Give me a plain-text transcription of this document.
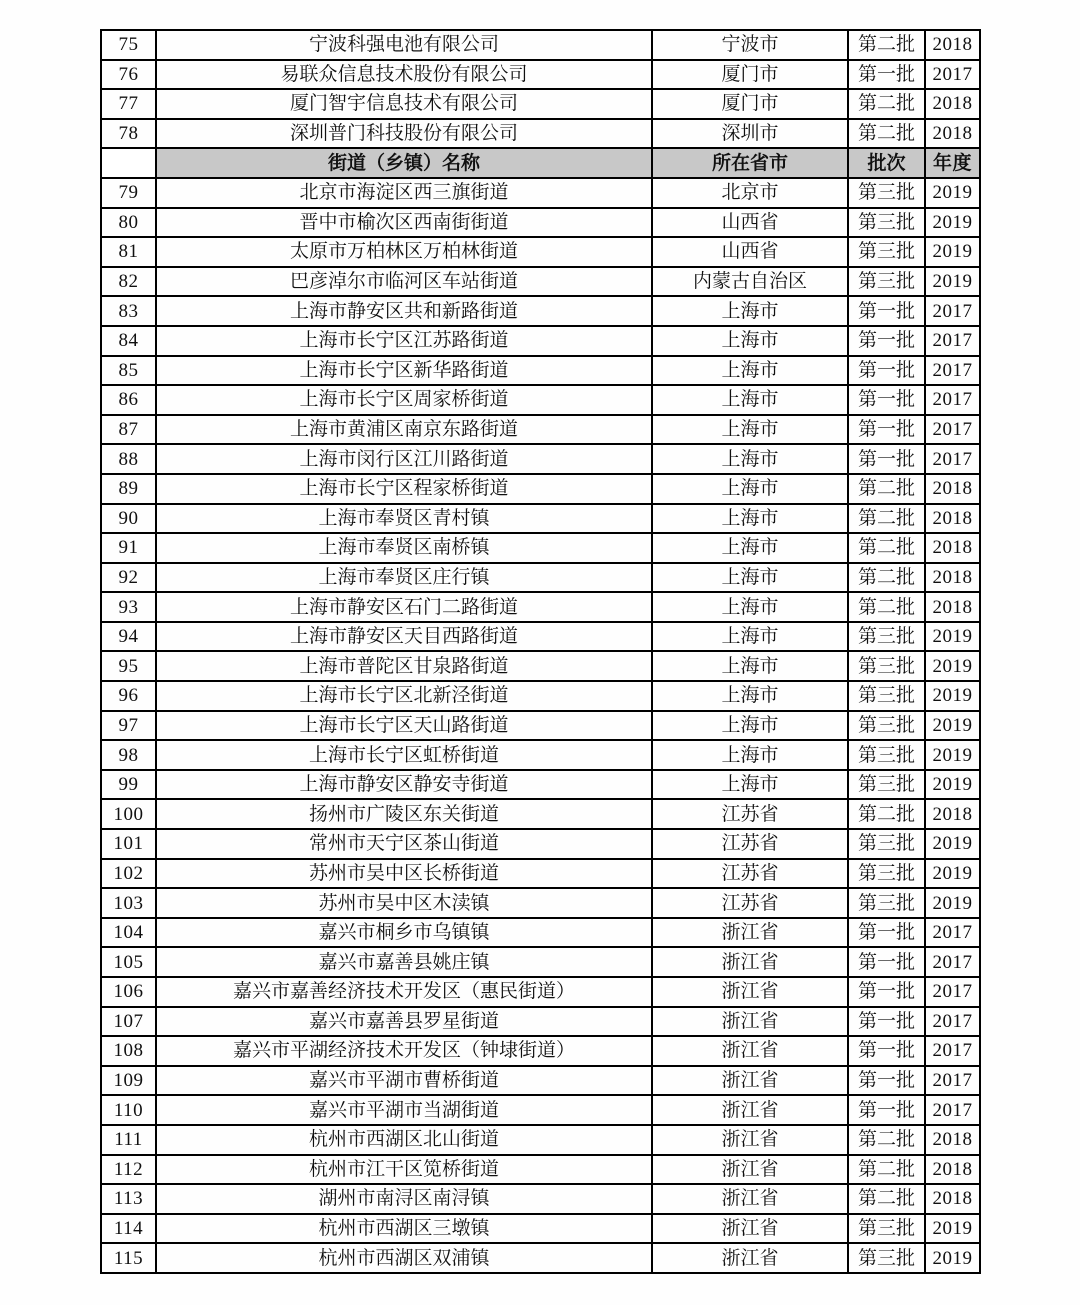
75	宁波科强电池有限公司	宁波市	第二批	2018
76	易联众信息技术股份有限公司	厦门市	第一批	2017
77	厦门智宇信息技术有限公司	厦门市	第二批	2018
78	深圳普门科技股份有限公司	深圳市	第二批	2018
	街道（乡镇）名称	所在省市	批次	年度
79	北京市海淀区西三旗街道	北京市	第三批	2019
80	晋中市榆次区西南街街道	山西省	第三批	2019
81	太原市万柏林区万柏林街道	山西省	第三批	2019
82	巴彦淖尔市临河区车站街道	内蒙古自治区	第三批	2019
83	上海市静安区共和新路街道	上海市	第一批	2017
84	上海市长宁区江苏路街道	上海市	第一批	2017
85	上海市长宁区新华路街道	上海市	第一批	2017
86	上海市长宁区周家桥街道	上海市	第一批	2017
87	上海市黄浦区南京东路街道	上海市	第一批	2017
88	上海市闵行区江川路街道	上海市	第一批	2017
89	上海市长宁区程家桥街道	上海市	第二批	2018
90	上海市奉贤区青村镇	上海市	第二批	2018
91	上海市奉贤区南桥镇	上海市	第二批	2018
92	上海市奉贤区庄行镇	上海市	第二批	2018
93	上海市静安区石门二路街道	上海市	第二批	2018
94	上海市静安区天目西路街道	上海市	第三批	2019
95	上海市普陀区甘泉路街道	上海市	第三批	2019
96	上海市长宁区北新泾街道	上海市	第三批	2019
97	上海市长宁区天山路街道	上海市	第三批	2019
98	上海市长宁区虹桥街道	上海市	第三批	2019
99	上海市静安区静安寺街道	上海市	第三批	2019
100	扬州市广陵区东关街道	江苏省	第二批	2018
101	常州市天宁区茶山街道	江苏省	第三批	2019
102	苏州市吴中区长桥街道	江苏省	第三批	2019
103	苏州市吴中区木渎镇	江苏省	第三批	2019
104	嘉兴市桐乡市乌镇镇	浙江省	第一批	2017
105	嘉兴市嘉善县姚庄镇	浙江省	第一批	2017
106	嘉兴市嘉善经济技术开发区（惠民街道）	浙江省	第一批	2017
107	嘉兴市嘉善县罗星街道	浙江省	第一批	2017
108	嘉兴市平湖经济技术开发区（钟埭街道）	浙江省	第一批	2017
109	嘉兴市平湖市曹桥街道	浙江省	第一批	2017
110	嘉兴市平湖市当湖街道	浙江省	第一批	2017
111	杭州市西湖区北山街道	浙江省	第二批	2018
112	杭州市江干区笕桥街道	浙江省	第二批	2018
113	湖州市南浔区南浔镇	浙江省	第二批	2018
114	杭州市西湖区三墩镇	浙江省	第三批	2019
115	杭州市西湖区双浦镇	浙江省	第三批	2019
